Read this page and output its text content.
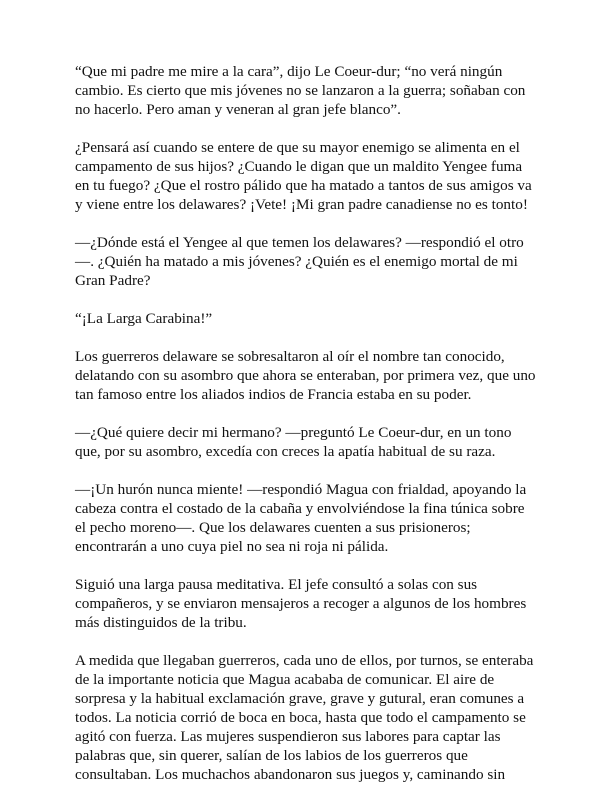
“Que mi padre me mire a la cara”, dijo Le Coeur-dur; “no verá ningún
cambio. Es cierto que mis jóvenes no se lanzaron a la guerra; soñaban con
no hacerlo. Pero aman y veneran al gran jefe blanco”.

¿Pensará así cuando se entere de que su mayor enemigo se alimenta en el
campamento de sus hijos? ¿Cuando le digan que un maldito Yengee fuma
en tu fuego? ¿Que el rostro pálido que ha matado a tantos de sus amigos va
y viene entre los delawares? ¡Vete! ¡Mi gran padre canadiense no es tonto!

—¿Dónde está el Yengee al que temen los delawares? —respondió el otro
—. ¿Quién ha matado a mis jóvenes? ¿Quién es el enemigo mortal de mi
Gran Padre?

“¡La Larga Carabina!”

Los guerreros delaware se sobresaltaron al oír el nombre tan conocido,
delatando con su asombro que ahora se enteraban, por primera vez, que uno
tan famoso entre los aliados indios de Francia estaba en su poder.

—¿Qué quiere decir mi hermano? —preguntó Le Coeur-dur, en un tono
que, por su asombro, excedía con creces la apatía habitual de su raza.

—¡Un hurón nunca miente! —respondió Magua con frialdad, apoyando la
cabeza contra el costado de la cabaña y envolviéndose la fina túnica sobre
el pecho moreno—. Que los delawares cuenten a sus prisioneros;
encontrarán a uno cuya piel no sea ni roja ni pálida.

Siguió una larga pausa meditativa. El jefe consultó a solas con sus
compañeros, y se enviaron mensajeros a recoger a algunos de los hombres
más distinguidos de la tribu.

A medida que llegaban guerreros, cada uno de ellos, por turnos, se enteraba
de la importante noticia que Magua acababa de comunicar. El aire de
sorpresa y la habitual exclamación grave, grave y gutural, eran comunes a
todos. La noticia corrió de boca en boca, hasta que todo el campamento se
agitó con fuerza. Las mujeres suspendieron sus labores para captar las
palabras que, sin querer, salían de los labios de los guerreros que
consultaban. Los muchachos abandonaron sus juegos y, caminando sin
